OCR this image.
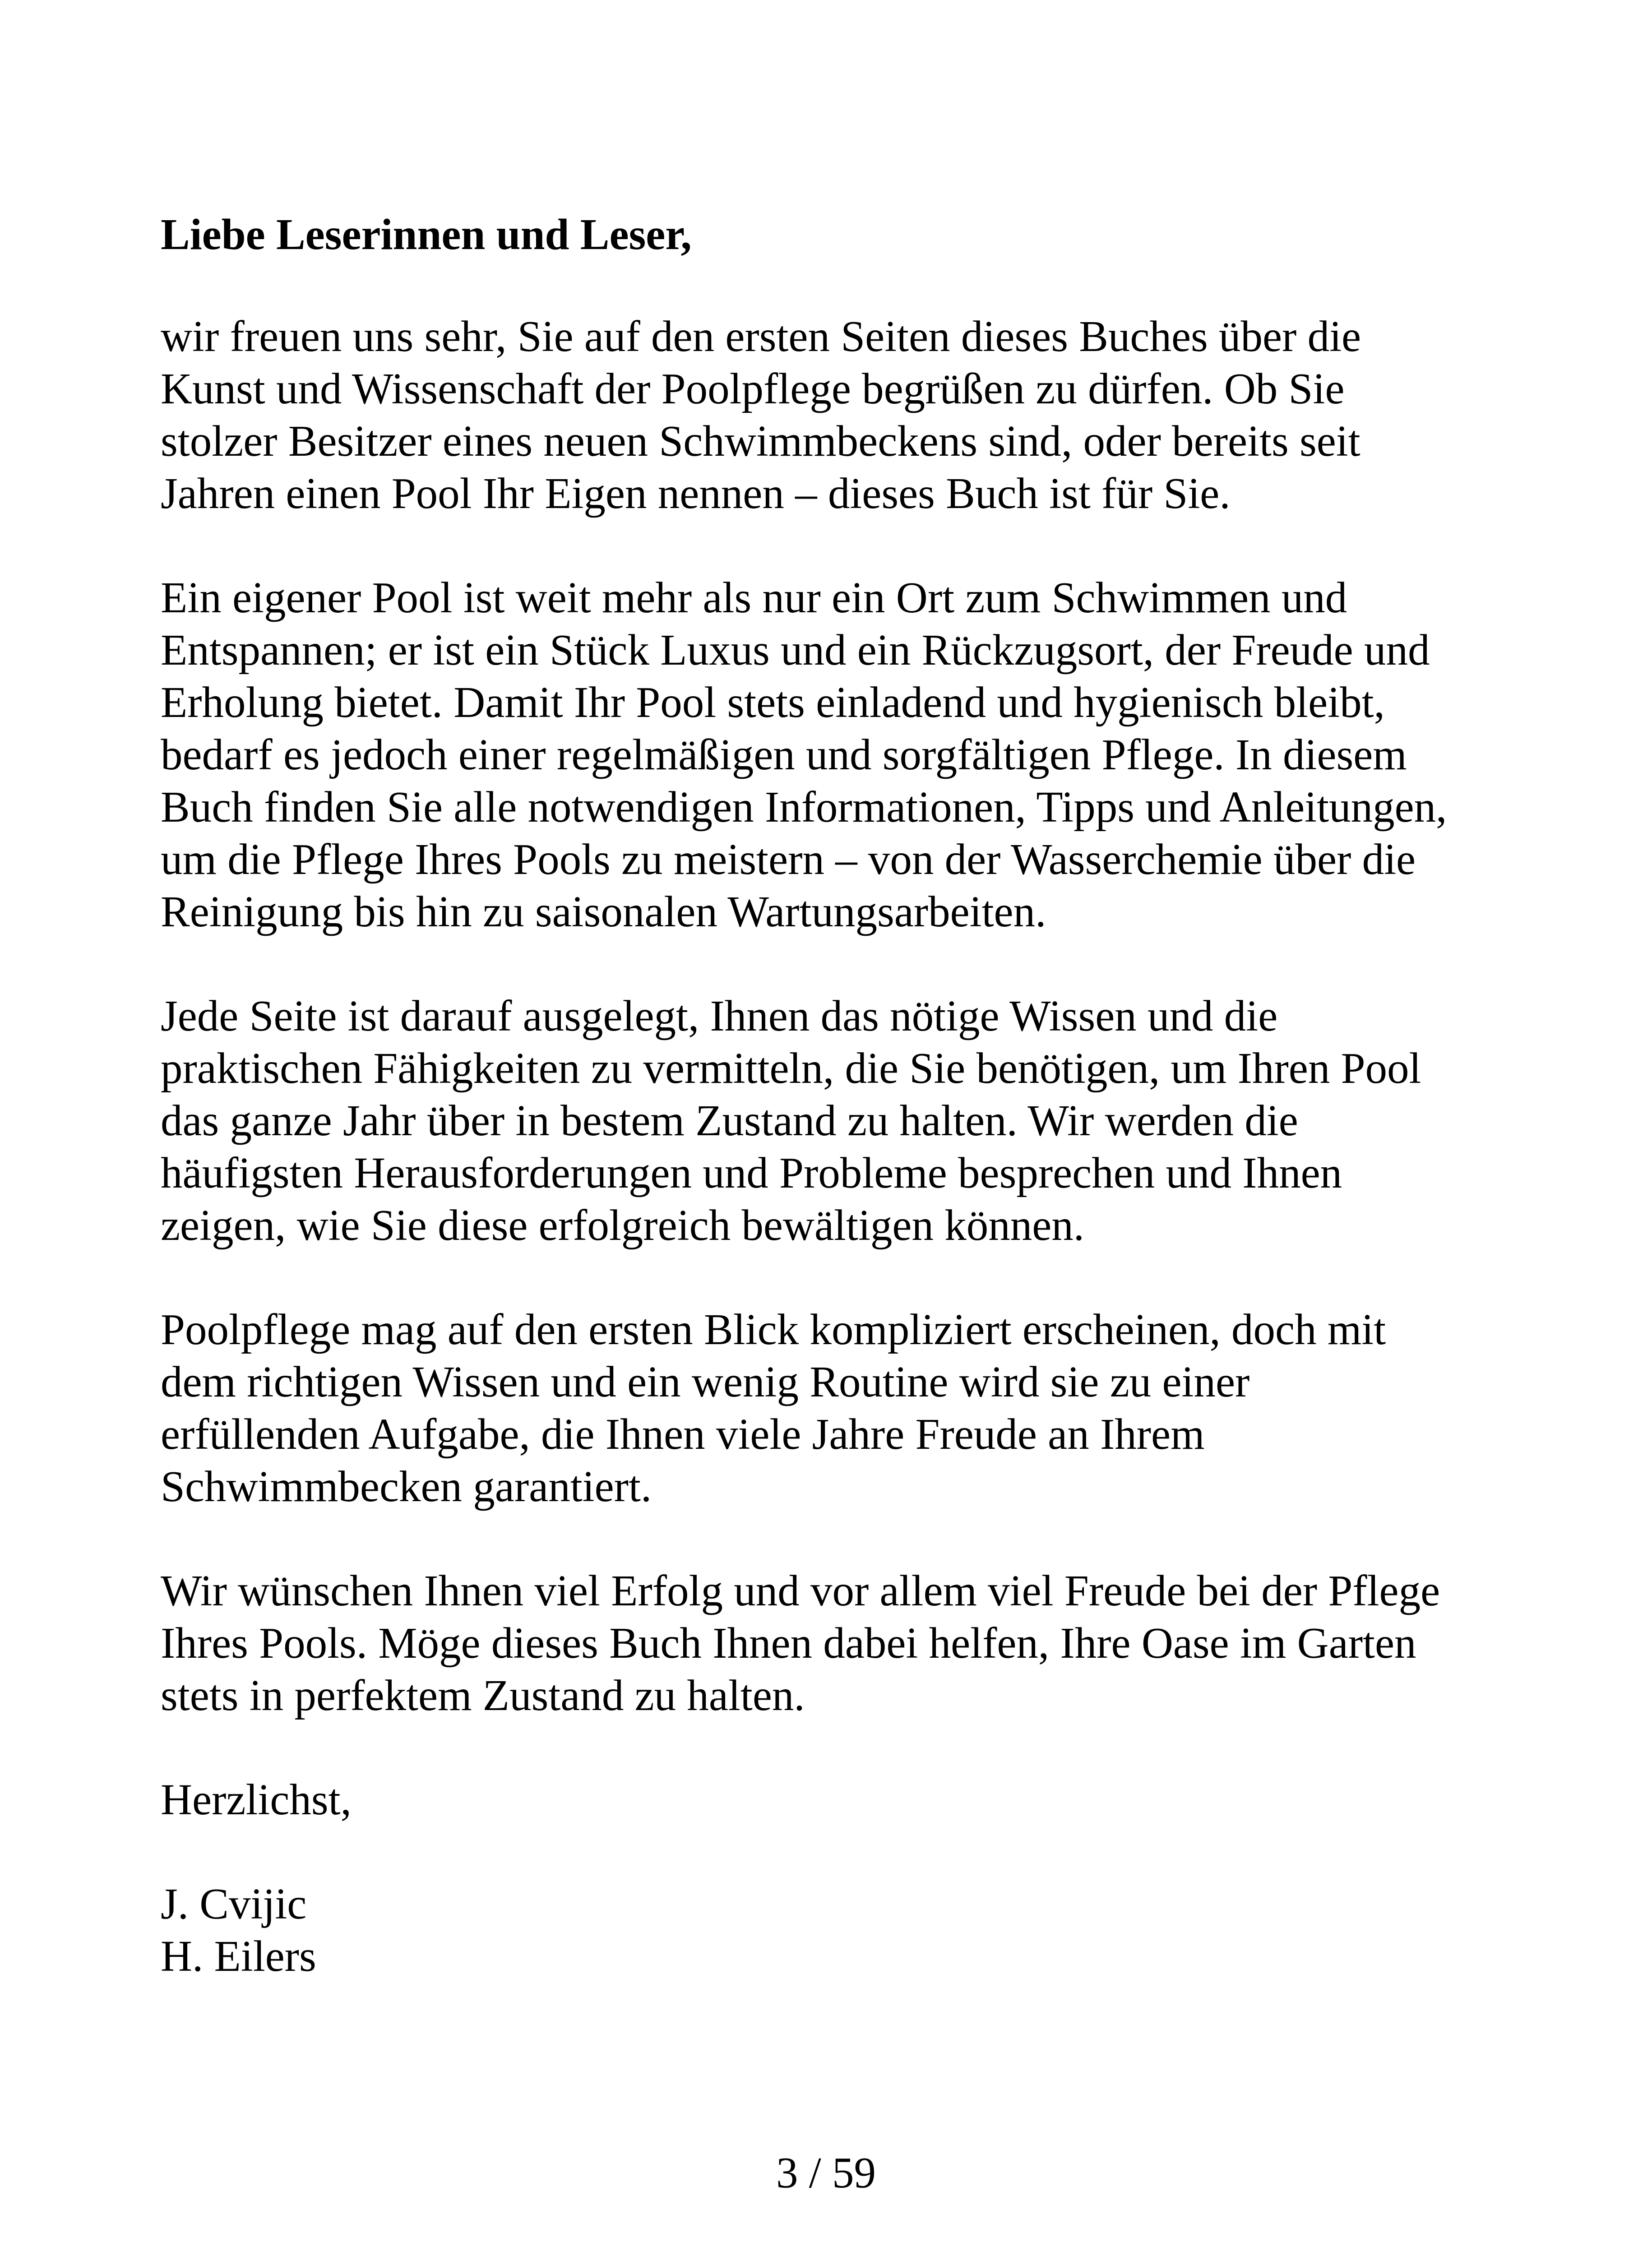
Liebe Leserinnen und Leser,

wir freuen uns sehr, Sie auf den ersten Seiten dieses Buches über die
Kunst und Wissenschaft der Poolpflege begrüßen zu dürfen. Ob Sie
stolzer Besitzer eines neuen Schwimmbeckens sind, oder bereits seit
Jahren einen Pool Ihr Eigen nennen – dieses Buch ist für Sie.

Ein eigener Pool ist weit mehr als nur ein Ort zum Schwimmen und
Entspannen; er ist ein Stück Luxus und ein Rückzugsort, der Freude und
Erholung bietet. Damit Ihr Pool stets einladend und hygienisch bleibt,
bedarf es jedoch einer regelmäßigen und sorgfältigen Pflege. In diesem
Buch finden Sie alle notwendigen Informationen, Tipps und Anleitungen,
um die Pflege Ihres Pools zu meistern – von der Wasserchemie über die
Reinigung bis hin zu saisonalen Wartungsarbeiten.

Jede Seite ist darauf ausgelegt, Ihnen das nötige Wissen und die
praktischen Fähigkeiten zu vermitteln, die Sie benötigen, um Ihren Pool
das ganze Jahr über in bestem Zustand zu halten. Wir werden die
häufigsten Herausforderungen und Probleme besprechen und Ihnen
zeigen, wie Sie diese erfolgreich bewältigen können.

Poolpflege mag auf den ersten Blick kompliziert erscheinen, doch mit
dem richtigen Wissen und ein wenig Routine wird sie zu einer
erfüllenden Aufgabe, die Ihnen viele Jahre Freude an Ihrem
Schwimmbecken garantiert.

Wir wünschen Ihnen viel Erfolg und vor allem viel Freude bei der Pflege
Ihres Pools. Möge dieses Buch Ihnen dabei helfen, Ihre Oase im Garten
stets in perfektem Zustand zu halten.

Herzlichst,

J. Cvijic
H. Eilers

3 / 59
